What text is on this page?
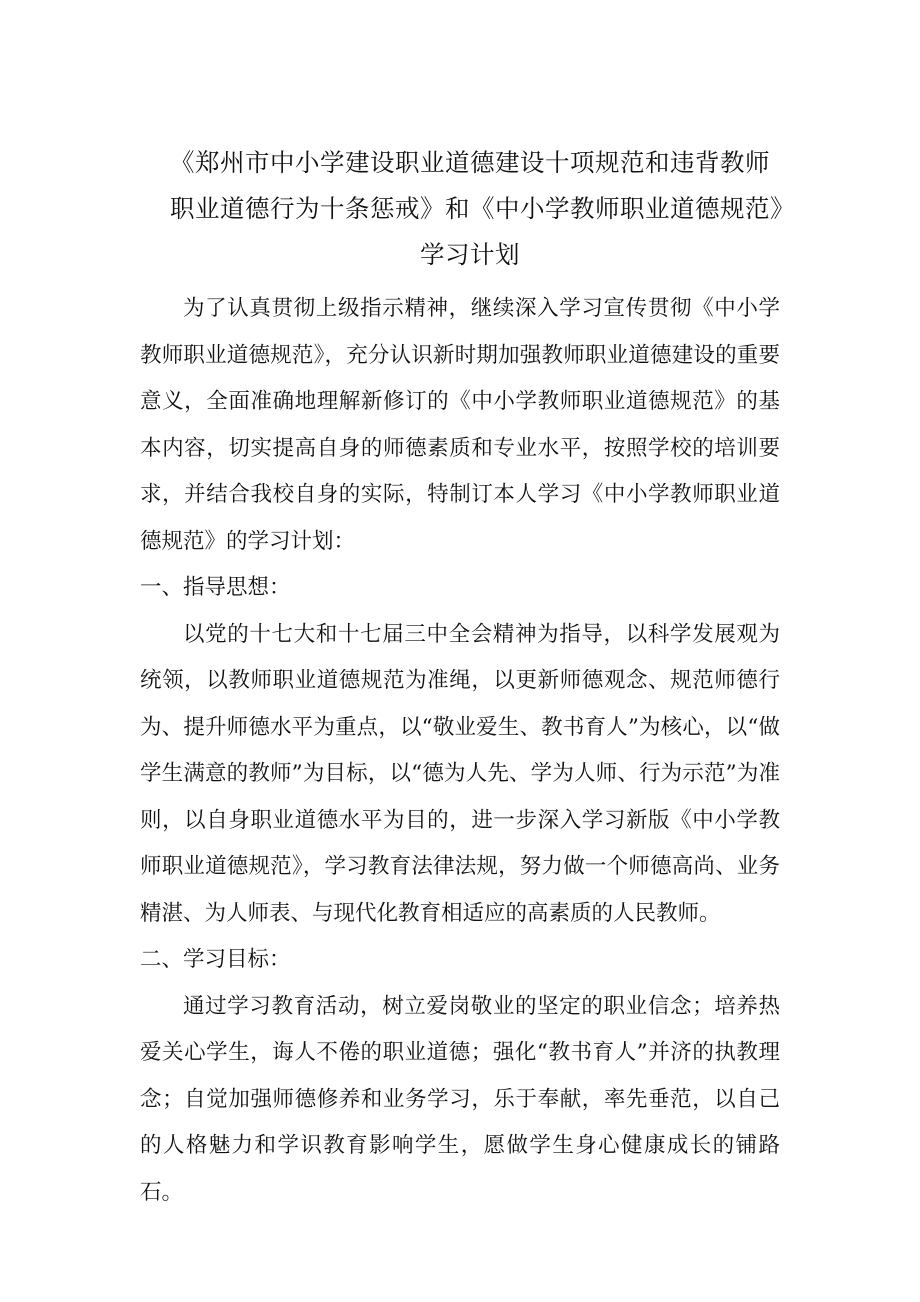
《郑州市中小学建设职业道德建设十项规范和违背教师
职业道德行为十条惩戒》和《中小学教师职业道德规范》
学习计划

为了认真贯彻上级指示精神，继续深入学习宣传贯彻《中小学教师职业道德规范》，充分认识新时期加强教师职业道德建设的重要意义，全面准确地理解新修订的《中小学教师职业道德规范》的基本内容，切实提高自身的师德素质和专业水平，按照学校的培训要求，并结合我校自身的实际，特制订本人学习《中小学教师职业道德规范》的学习计划：

一、指导思想：

以党的十七大和十七届三中全会精神为指导，以科学发展观为统领，以教师职业道德规范为准绳，以更新师德观念、规范师德行为、提升师德水平为重点，以“敬业爱生、教书育人”为核心，以“做学生满意的教师”为目标，以“德为人先、学为人师、行为示范”为准则，以自身职业道德水平为目的，进一步深入学习新版《中小学教师职业道德规范》，学习教育法律法规，努力做一个师德高尚、业务精湛、为人师表、与现代化教育相适应的高素质的人民教师。

二、学习目标：

通过学习教育活动，树立爱岗敬业的坚定的职业信念；培养热爱关心学生，诲人不倦的职业道德；强化“教书育人”并济的执教理念；自觉加强师德修养和业务学习，乐于奉献，率先垂范，以自己的人格魅力和学识教育影响学生，愿做学生身心健康成长的铺路石。
